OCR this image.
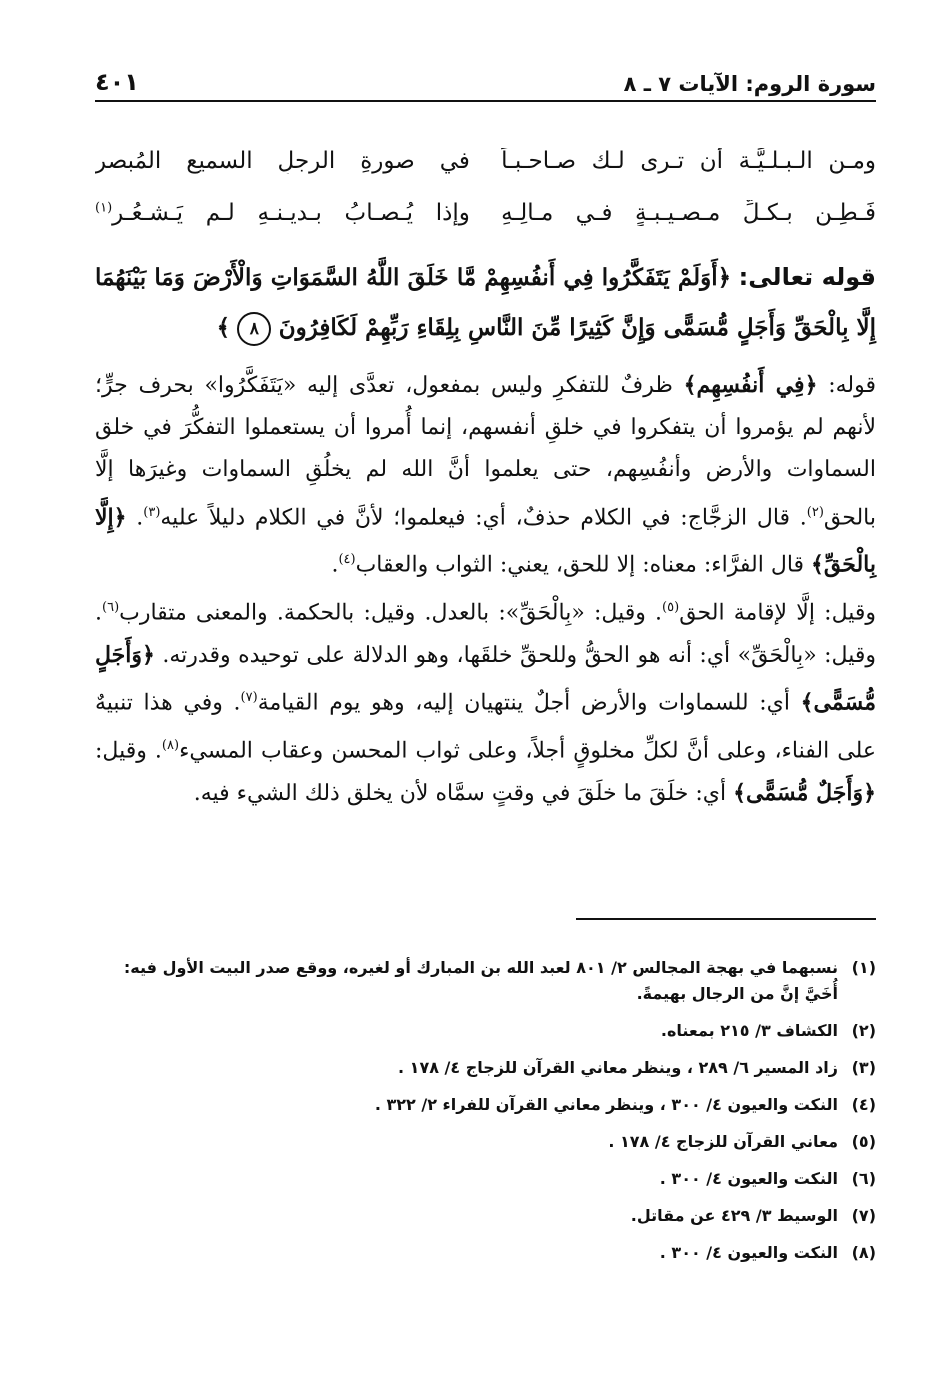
سورة الروم: الآيات ٧ ـ ٨
٤٠١
ومـن الـبـلـيَّـة أن تـرى لـك صـاحـبـاً
في صورةِ الرجلِ السميعِ المُبصرِ
فَـطِـنٍ بـكـلِّ مـصـيـبـةٍ فـي مـالِـهِ
وإذا يُـصـابُ بـديـنـهِ لـم يَـشـعُـرِ$^{(١)}$
قوله تعالى: ﴿أَوَلَمْ يَتَفَكَّرُوا فِي أَنفُسِهِمْ مَّا خَلَقَ اللَّهُ السَّمَوَاتِ وَالْأَرْضَ وَمَا بَيْنَهُمَا إِلَّا بِالْحَقِّ وَأَجَلٍ مُّسَمًّى وَإِنَّ كَثِيرًا مِّنَ النَّاسِ بِلِقَاءِ رَبِّهِمْ لَكَافِرُونَ ٨ ﴾

قوله: ﴿فِي أَنفُسِهِم﴾ ظرفٌ للتفكرِ وليس بمفعول، تعدَّى إليه «يَتَفَكَّرُوا» بحرف جرٍّ؛ لأنهم لم يؤمروا أن يتفكروا في خلقِ أنفسهم، إنما أُمروا أن يستعملوا التفكُّرَ في خلق السماوات والأرض وأنفُسِهم، حتى يعلموا أنَّ الله لم يخلُقِ السماوات وغيرَها إلَّا بالحق$^{(٢)}$. قال الزجَّاج: في الكلام حذفٌ، أي: فيعلموا؛ لأنَّ في الكلام دليلاً عليه$^{(٣)}$. ﴿إِلَّا بِالْحَقِّ﴾ قال الفرَّاء: معناه: إلا للحق، يعني: الثواب والعقاب$^{(٤)}$.

وقيل: إلَّا لإقامة الحق$^{(٥)}$. وقيل: «بِالْحَقِّ»: بالعدل. وقيل: بالحكمة. والمعنى متقارب$^{(٦)}$. وقيل: «بِالْحَقِّ» أي: أنه هو الحقُّ وللحقِّ خلقَها، وهو الدلالة على توحيده وقدرته. ﴿وَأَجَلٍ مُّسَمًّى﴾ أي: للسماوات والأرض أجلٌ ينتهيان إليه، وهو يوم القيامة$^{(٧)}$. وفي هذا تنبيهٌ على الفناء، وعلى أنَّ لكلِّ مخلوقٍ أجلاً، وعلى ثواب المحسن وعقاب المسيء$^{(٨)}$. وقيل: ﴿وَأَجَلٌ مُّسَمًّى﴾ أي: خلَقَ ما خلَقَ في وقتٍ سمَّاه لأن يخلق ذلك الشيء فيه.

(١)
نسبهما في بهجة المجالس ٢/ ٨٠١ لعبد الله بن المبارك أو لغيره، ووقع صدر البيت الأول فيه: أُخَيَّ إنَّ من الرجال بهيمةً.
(٢)
الكشاف ٣/ ٢١٥ بمعناه.
(٣)
زاد المسير ٦/ ٢٨٩ ، وينظر معاني القرآن للزجاج ٤/ ١٧٨ .
(٤)
النكت والعيون ٤/ ٣٠٠ ، وينظر معاني القرآن للفراء ٢/ ٣٢٢ .
(٥)
معاني القرآن للزجاج ٤/ ١٧٨ .
(٦)
النكت والعيون ٤/ ٣٠٠ .
(٧)
الوسيط ٣/ ٤٢٩ عن مقاتل.
(٨)
النكت والعيون ٤/ ٣٠٠ .
